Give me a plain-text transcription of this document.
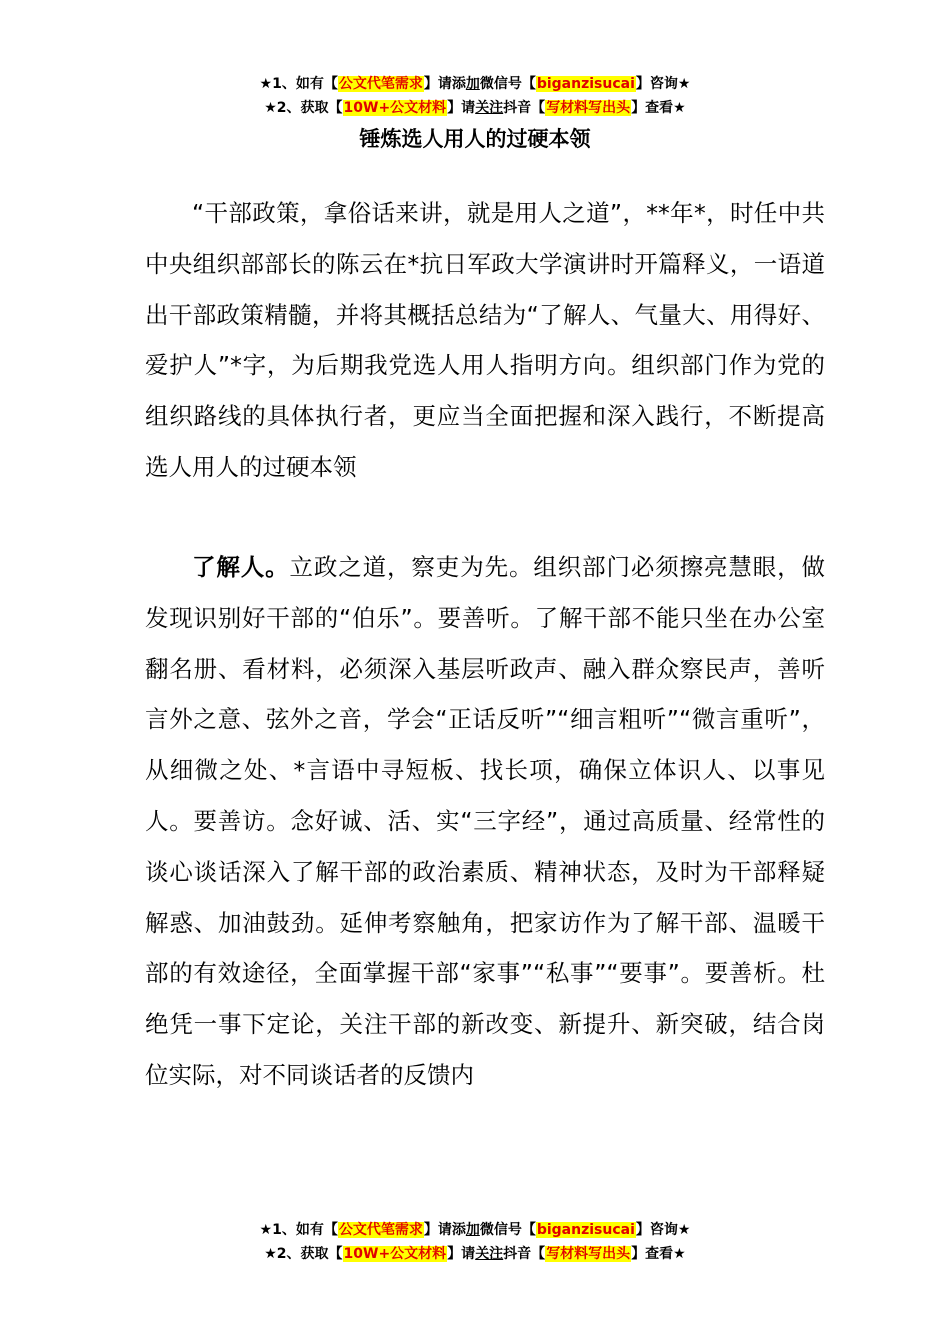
★1、如有【公文代笔需求】请添加微信号【biganzisucai】咨询★
★2、获取【10W+公文材料】请关注抖音【写材料写出头】查看★
锤炼选人用人的过硬本领

“干部政策，拿俗话来讲，就是用人之道”，**年*，时任中共中央组织部部长的陈云在*抗日军政大学演讲时开篇释义，一语道出干部政策精髓，并将其概括总结为“了解人、气量大、用得好、爱护人”*字，为后期我党选人用人指明方向。组织部门作为党的组织路线的具体执行者，更应当全面把握和深入践行，不断提高选人用人的过硬本领

了解人。立政之道，察吏为先。组织部门必须擦亮慧眼，做发现识别好干部的“伯乐”。要善听。了解干部不能只坐在办公室翻名册、看材料，必须深入基层听政声、融入群众察民声，善听言外之意、弦外之音，学会“正话反听”“细言粗听”“微言重听”，从细微之处、*言语中寻短板、找长项，确保立体识人、以事见人。要善访。念好诚、活、实“三字经”，通过高质量、经常性的谈心谈话深入了解干部的政治素质、精神状态，及时为干部释疑解惑、加油鼓劲。延伸考察触角，把家访作为了解干部、温暖干部的有效途径，全面掌握干部“家事”“私事”“要事”。要善析。杜绝凭一事下定论，关注干部的新改变、新提升、新突破，结合岗位实际，对不同谈话者的反馈内

★1、如有【公文代笔需求】请添加微信号【biganzisucai】咨询★
★2、获取【10W+公文材料】请关注抖音【写材料写出头】查看★
